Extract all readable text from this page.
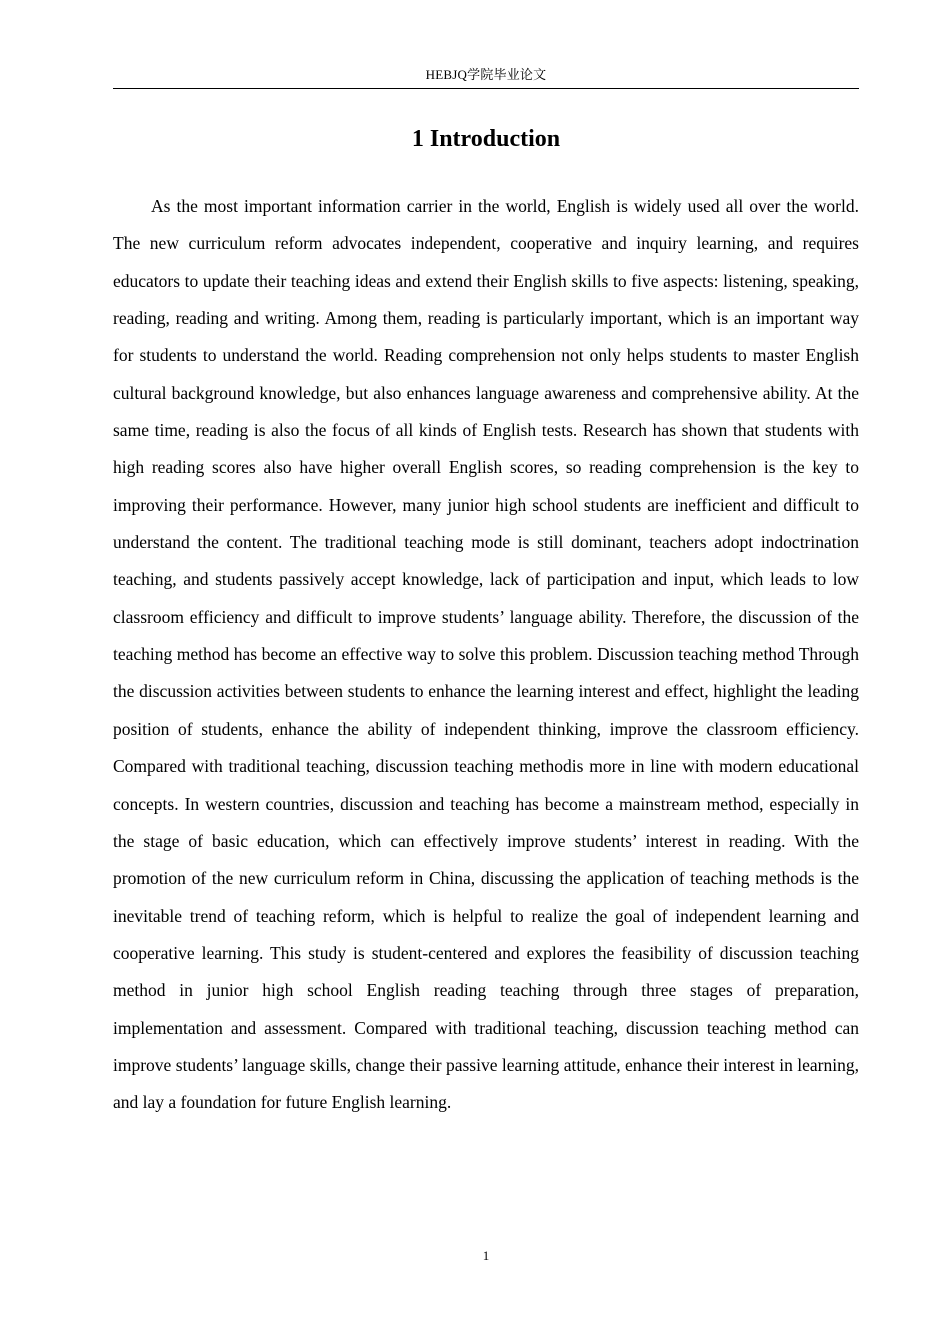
HEBJQ学院毕业论文
1 Introduction

As the most important information carrier in the world, English is widely used all over the world. The new curriculum reform advocates independent, cooperative and inquiry learning, and requires educators to update their teaching ideas and extend their English skills to five aspects: listening, speaking, reading, reading and writing. Among them, reading is particularly important, which is an important way for students to understand the world. Reading comprehension not only helps students to master English cultural background knowledge, but also enhances language awareness and comprehensive ability. At the same time, reading is also the focus of all kinds of English tests. Research has shown that students with high reading scores also have higher overall English scores, so reading comprehension is the key to improving their performance. However, many junior high school students are inefficient and difficult to understand the content. The traditional teaching mode is still dominant, teachers adopt indoctrination teaching, and students passively accept knowledge, lack of participation and input, which leads to low classroom efficiency and difficult to improve students’ language ability. Therefore, the discussion of the teaching method has become an effective way to solve this problem. Discussion teaching method Through the discussion activities between students to enhance the learning interest and effect, highlight the leading position of students, enhance the ability of independent thinking, improve the classroom efficiency. Compared with traditional teaching, discussion teaching methodis more in line with modern educational concepts. In western countries, discussion and teaching has become a mainstream method, especially in the stage of basic education, which can effectively improve students’ interest in reading. With the promotion of the new curriculum reform in China, discussing the application of teaching methods is the inevitable trend of teaching reform, which is helpful to realize the goal of independent learning and cooperative learning. This study is student-centered and explores the feasibility of discussion teaching method in junior high school English reading teaching through three stages of preparation, implementation and assessment. Compared with traditional teaching, discussion teaching method can improve students’ language skills, change their passive learning attitude, enhance their interest in learning, and lay a foundation for future English learning.

1
